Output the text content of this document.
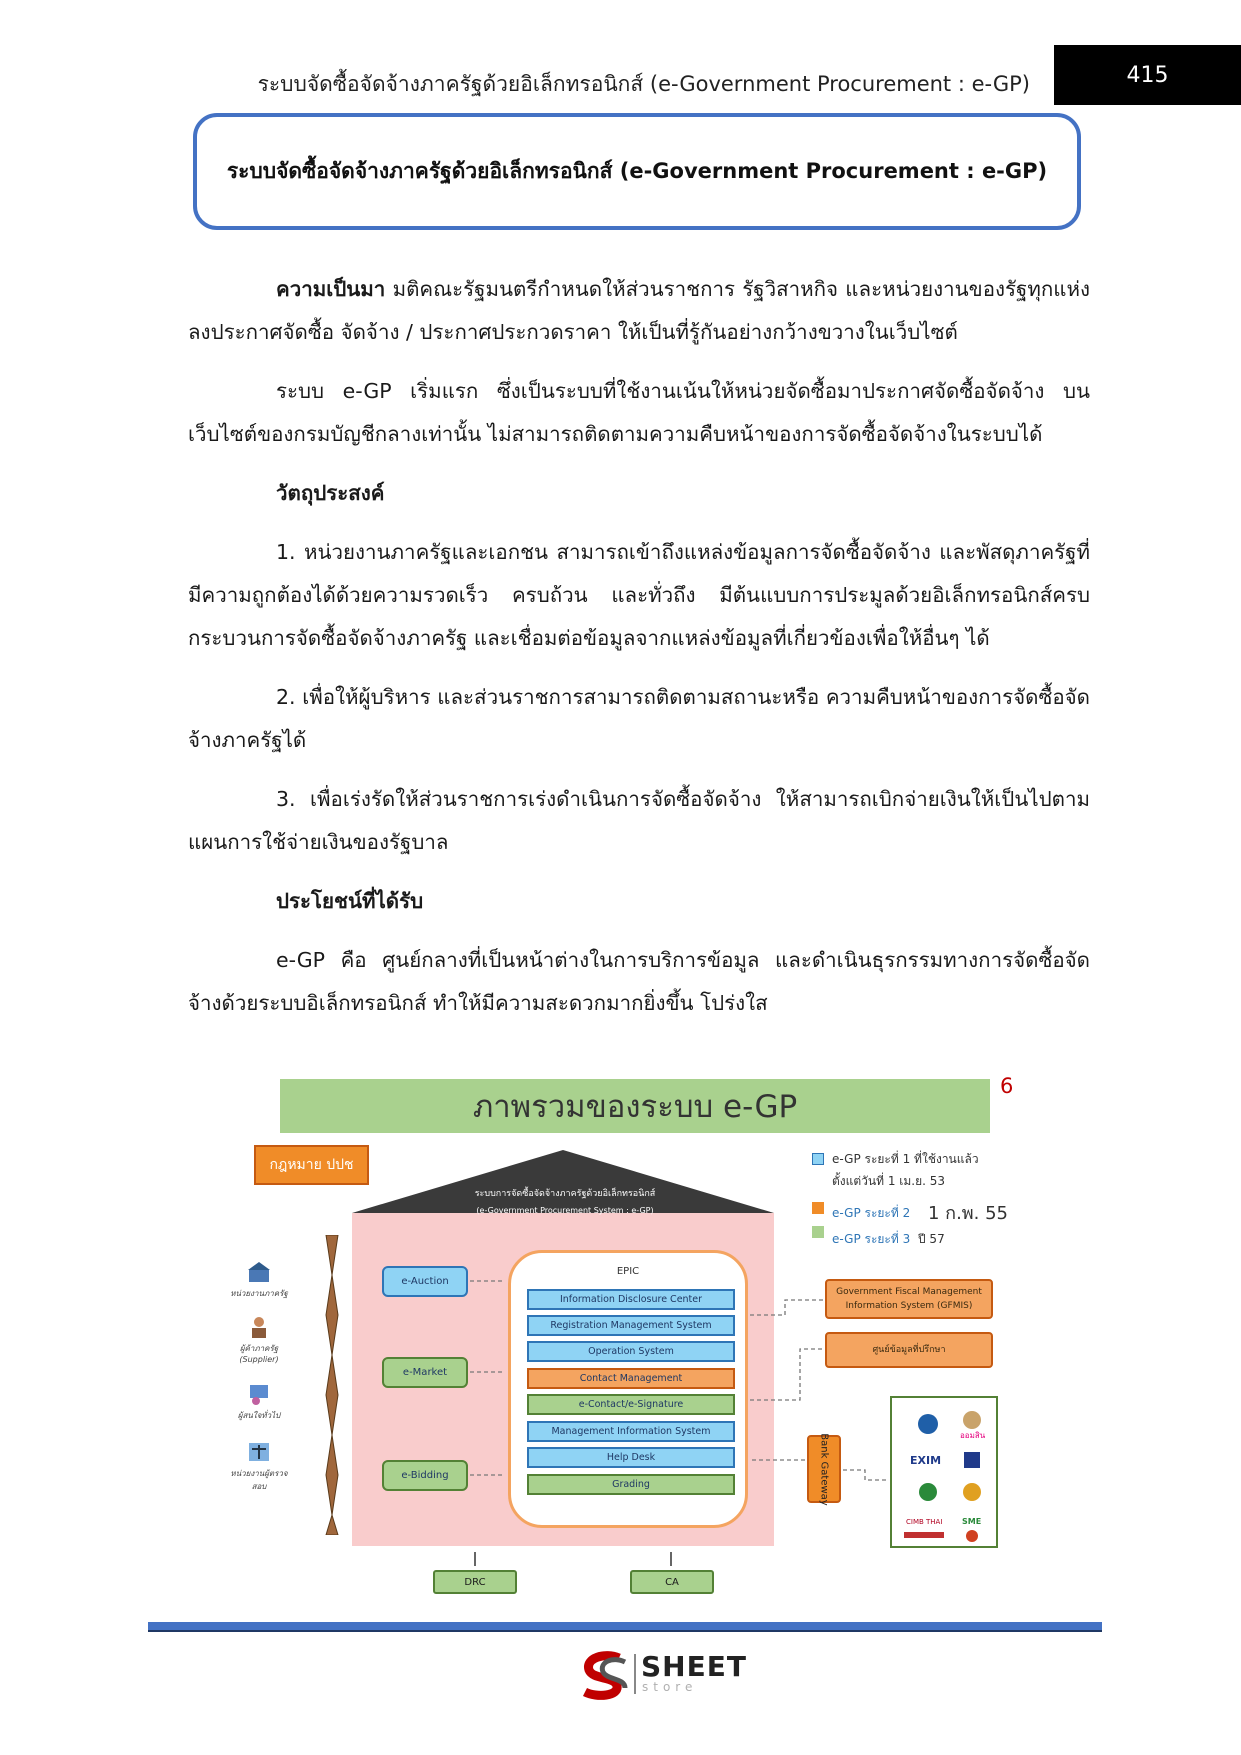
ระบบจัดซื้อจัดจ้างภาครัฐด้วยอิเล็กทรอนิกส์ (e-Government Procurement : e-GP)	415
ระบบจัดซื้อจัดจ้างภาครัฐด้วยอิเล็กทรอนิกส์ (e-Government Procurement : e-GP)

ความเป็นมา มติคณะรัฐมนตรีกำหนดให้ส่วนราชการ รัฐวิสาหกิจ และหน่วยงานของรัฐทุกแห่งลงประกาศจัดซื้อ จัดจ้าง / ประกาศประกวดราคา ให้เป็นที่รู้กันอย่างกว้างขวางในเว็บไซต์

ระบบ e-GP เริ่มแรก ซึ่งเป็นระบบที่ใช้งานเน้นให้หน่วยจัดซื้อมาประกาศจัดซื้อจัดจ้าง บนเว็บไซต์ของกรมบัญชีกลางเท่านั้น ไม่สามารถติดตามความคืบหน้าของการจัดซื้อจัดจ้างในระบบได้

วัตถุประสงค์

1. หน่วยงานภาครัฐและเอกชน สามารถเข้าถึงแหล่งข้อมูลการจัดซื้อจัดจ้าง และพัสดุภาครัฐที่มีความถูกต้องได้ด้วยความรวดเร็ว ครบถ้วน และทั่วถึง มีต้นแบบการประมูลด้วยอิเล็กทรอนิกส์ครบกระบวนการจัดซื้อจัดจ้างภาครัฐ และเชื่อมต่อข้อมูลจากแหล่งข้อมูลที่เกี่ยวข้องเพื่อให้อื่นๆ ได้

2. เพื่อให้ผู้บริหาร และส่วนราชการสามารถติดตามสถานะหรือ ความคืบหน้าของการจัดซื้อจัดจ้างภาครัฐได้

3. เพื่อเร่งรัดให้ส่วนราชการเร่งดำเนินการจัดซื้อจัดจ้าง ให้สามารถเบิกจ่ายเงินให้เป็นไปตามแผนการใช้จ่ายเงินของรัฐบาล

ประโยชน์ที่ได้รับ

e-GP คือ ศูนย์กลางที่เป็นหน้าต่างในการบริการข้อมูล และดำเนินธุรกรรมทางการจัดซื้อจัดจ้างด้วยระบบอิเล็กทรอนิกส์ ทำให้มีความสะดวกมากยิ่งขึ้น โปร่งใส

ภาพรวมของระบบ e-GP
6
กฎหมาย ปปช
ระบบการจัดซื้อจัดจ้างภาครัฐด้วยอิเล็กทรอนิกส์
(e-Government Procurement System : e-GP)
หน่วยงานภาครัฐ
ผู้ค้าภาครัฐ
(Supplier)
ผู้สนใจทั่วไป
หน่วยงานผู้ตรวจสอบ
e-Auction
e-Market
e-Bidding
EPIC
Information Disclosure Center
Registration Management System
Operation System
Contact Management
e-Contact/e-Signature
Management Information System
Help Desk
Grading
e-GP ระยะที่ 1 ที่ใช้งานแล้ว
ตั้งแต่วันที่ 1 เม.ย. 53
e-GP ระยะที่ 2 1 ก.พ. 55
e-GP ระยะที่ 3 ปี 57
Government Fiscal Management Information System (GFMIS)
ศูนย์ข้อมูลที่ปรึกษา
Bank Gateway	ออมสิน
EXIM
CIMB THAI SME
DRC	CA
SHEET
store
